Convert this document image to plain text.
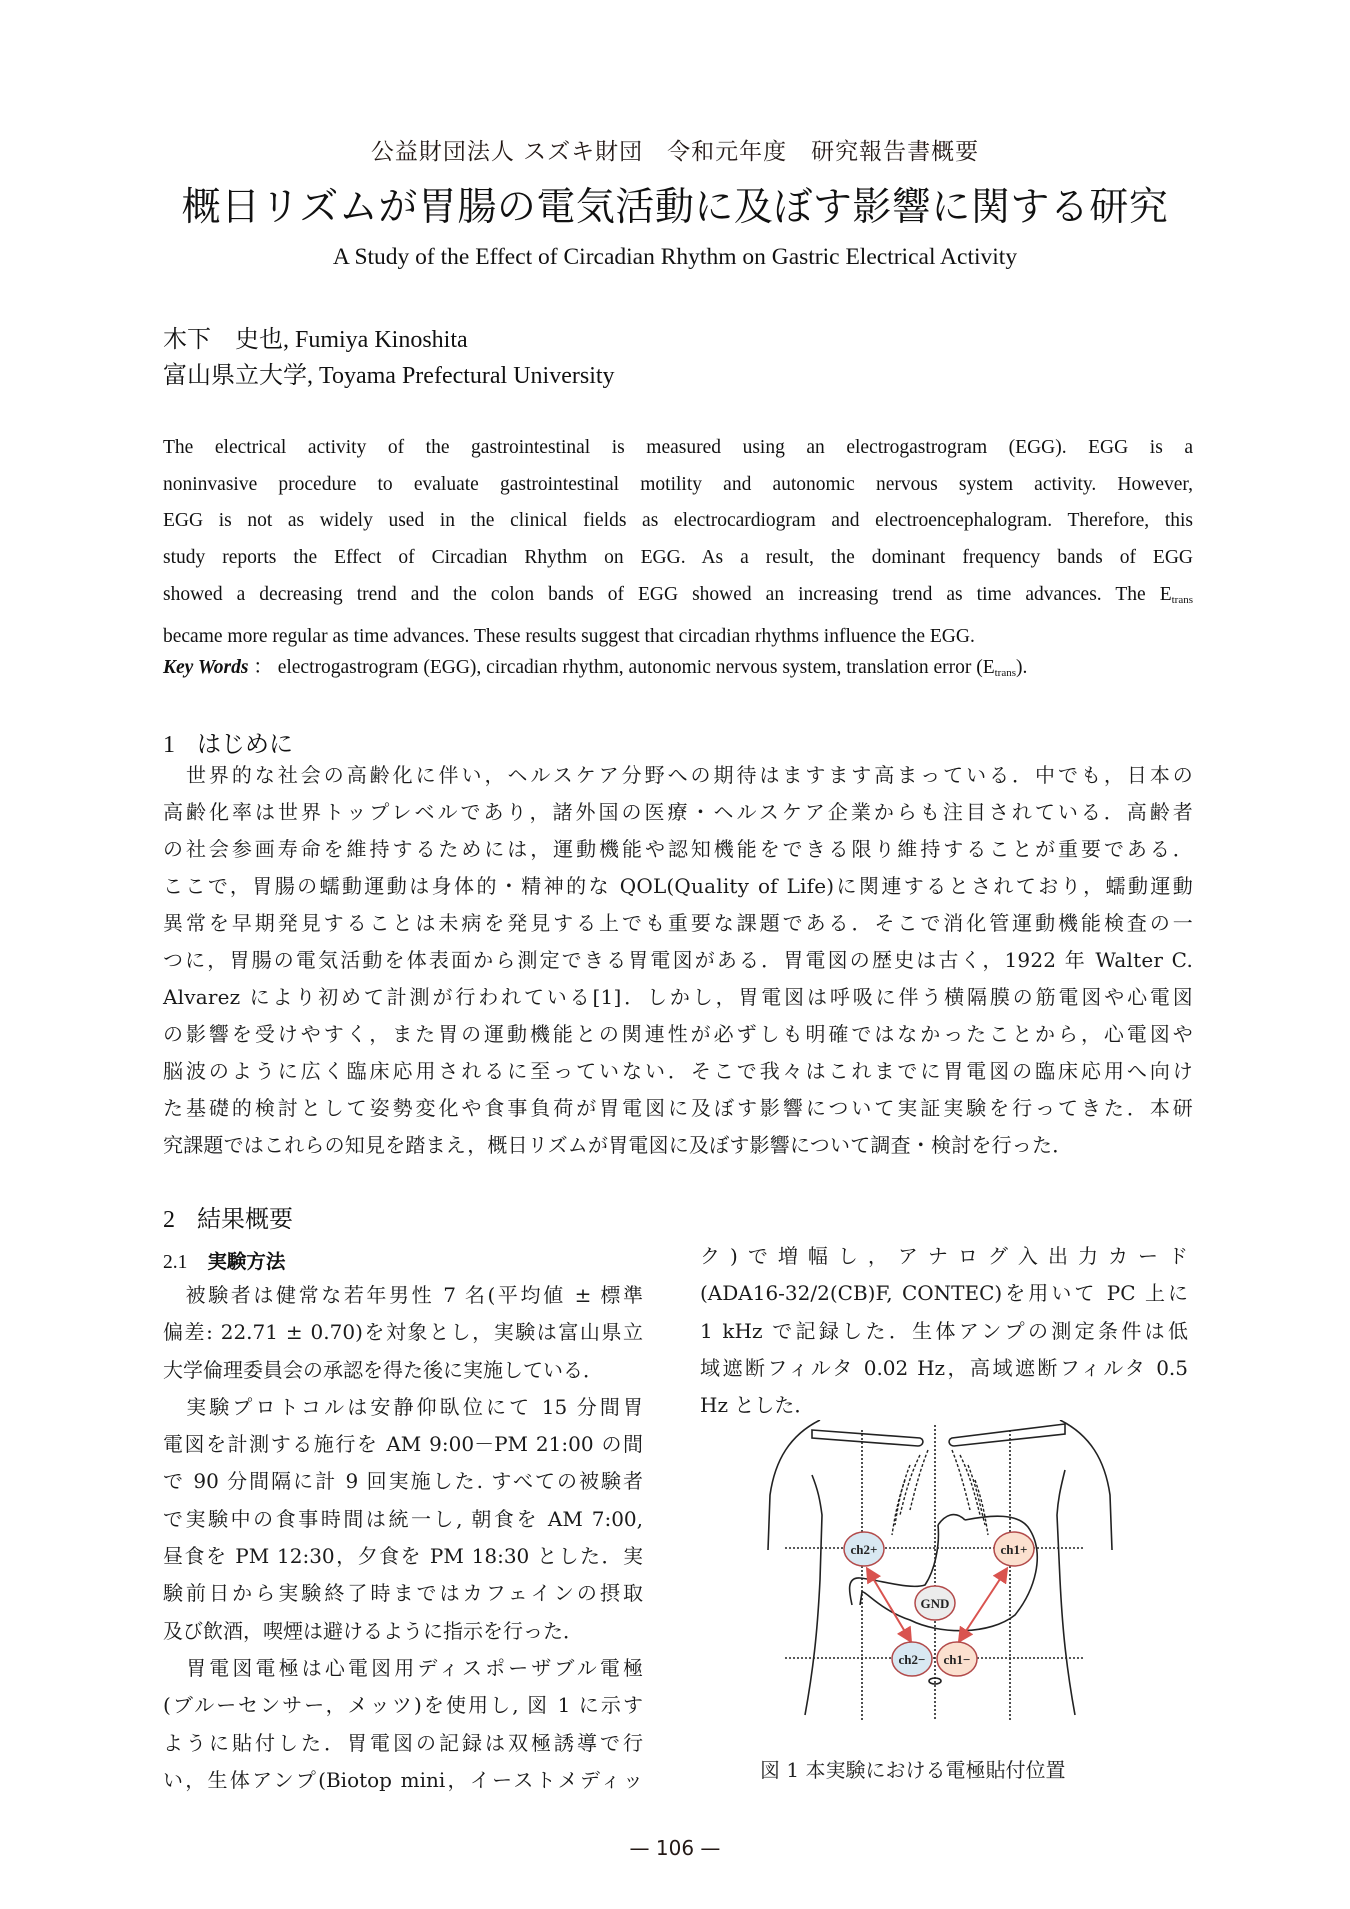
公益財団法人 スズキ財団　令和元年度　研究報告書概要
概日リズムが胃腸の電気活動に及ぼす影響に関する研究
A Study of the Effect of Circadian Rhythm on Gastric Electrical Activity
木下　史也, Fumiya Kinoshita
富山県立大学, Toyama Prefectural University
The electrical activity of the gastrointestinal is measured using an electrogastrogram (EGG). EGG is a
noninvasive procedure to evaluate gastrointestinal motility and autonomic nervous system activity. However,
EGG is not as widely used in the clinical fields as electrocardiogram and electroencephalogram. Therefore, this
study reports the Effect of Circadian Rhythm on EGG. As a result, the dominant frequency bands of EGG
showed a decreasing trend and the colon bands of EGG showed an increasing trend as time advances. The $E_{trans}$
became more regular as time advances. These results suggest that circadian rhythms influence the EGG.
Key Words ： electrogastrogram (EGG), circadian rhythm, autonomic nervous system, translation error $(E_{trans})$.
1 はじめに
　世界的な社会の高齢化に伴い，ヘルスケア分野への期待はますます高まっている．中でも，日本の
高齢化率は世界トップレベルであり，諸外国の医療・ヘルスケア企業からも注目されている．高齢者
の社会参画寿命を維持するためには，運動機能や認知機能をできる限り維持することが重要である．
ここで，胃腸の蠕動運動は身体的・精神的な QOL(Quality of Life)に関連するとされており，蠕動運動
異常を早期発見することは未病を発見する上でも重要な課題である．そこで消化管運動機能検査の一
つに，胃腸の電気活動を体表面から測定できる胃電図がある．胃電図の歴史は古く，1922 年 Walter C.
Alvarez により初めて計測が行われている[1]．しかし，胃電図は呼吸に伴う横隔膜の筋電図や心電図
の影響を受けやすく，また胃の運動機能との関連性が必ずしも明確ではなかったことから，心電図や
脳波のように広く臨床応用されるに至っていない．そこで我々はこれまでに胃電図の臨床応用へ向け
た基礎的検討として姿勢変化や食事負荷が胃電図に及ぼす影響について実証実験を行ってきた．本研
究課題ではこれらの知見を踏まえ，概日リズムが胃電図に及ぼす影響について調査・検討を行った．
2 結果概要
2.1 実験方法
　被験者は健常な若年男性 7 名(平均値 ± 標準
偏差: 22.71 ± 0.70)を対象とし，実験は富山県立
大学倫理委員会の承認を得た後に実施している．
　実験プロトコルは安静仰臥位にて 15 分間胃
電図を計測する施行を AM 9:00－PM 21:00 の間
で 90 分間隔に計 9 回実施した. すべての被験者
で実験中の食事時間は統一し, 朝食を AM 7:00,
昼食を PM 12:30，夕食を PM 18:30 とした．実
験前日から実験終了時まではカフェインの摂取
及び飲酒，喫煙は避けるように指示を行った．
　胃電図電極は心電図用ディスポーザブル電極
(ブルーセンサー，メッツ)を使用し, 図 1 に示す
ように貼付した．胃電図の記録は双極誘導で行
い，生体アンプ(Biotop mini，イーストメディッ
ク)で増幅し，アナログ入出力カード
(ADA16-32/2(CB)F, CONTEC)を用いて PC 上に
1 kHz で記録した．生体アンプの測定条件は低
域遮断フィルタ 0.02 Hz，高域遮断フィルタ 0.5
Hz とした．
ch2+	ch1+
GND
ch2− ch1−
図 1 本実験における電極貼付位置
— 106 —
